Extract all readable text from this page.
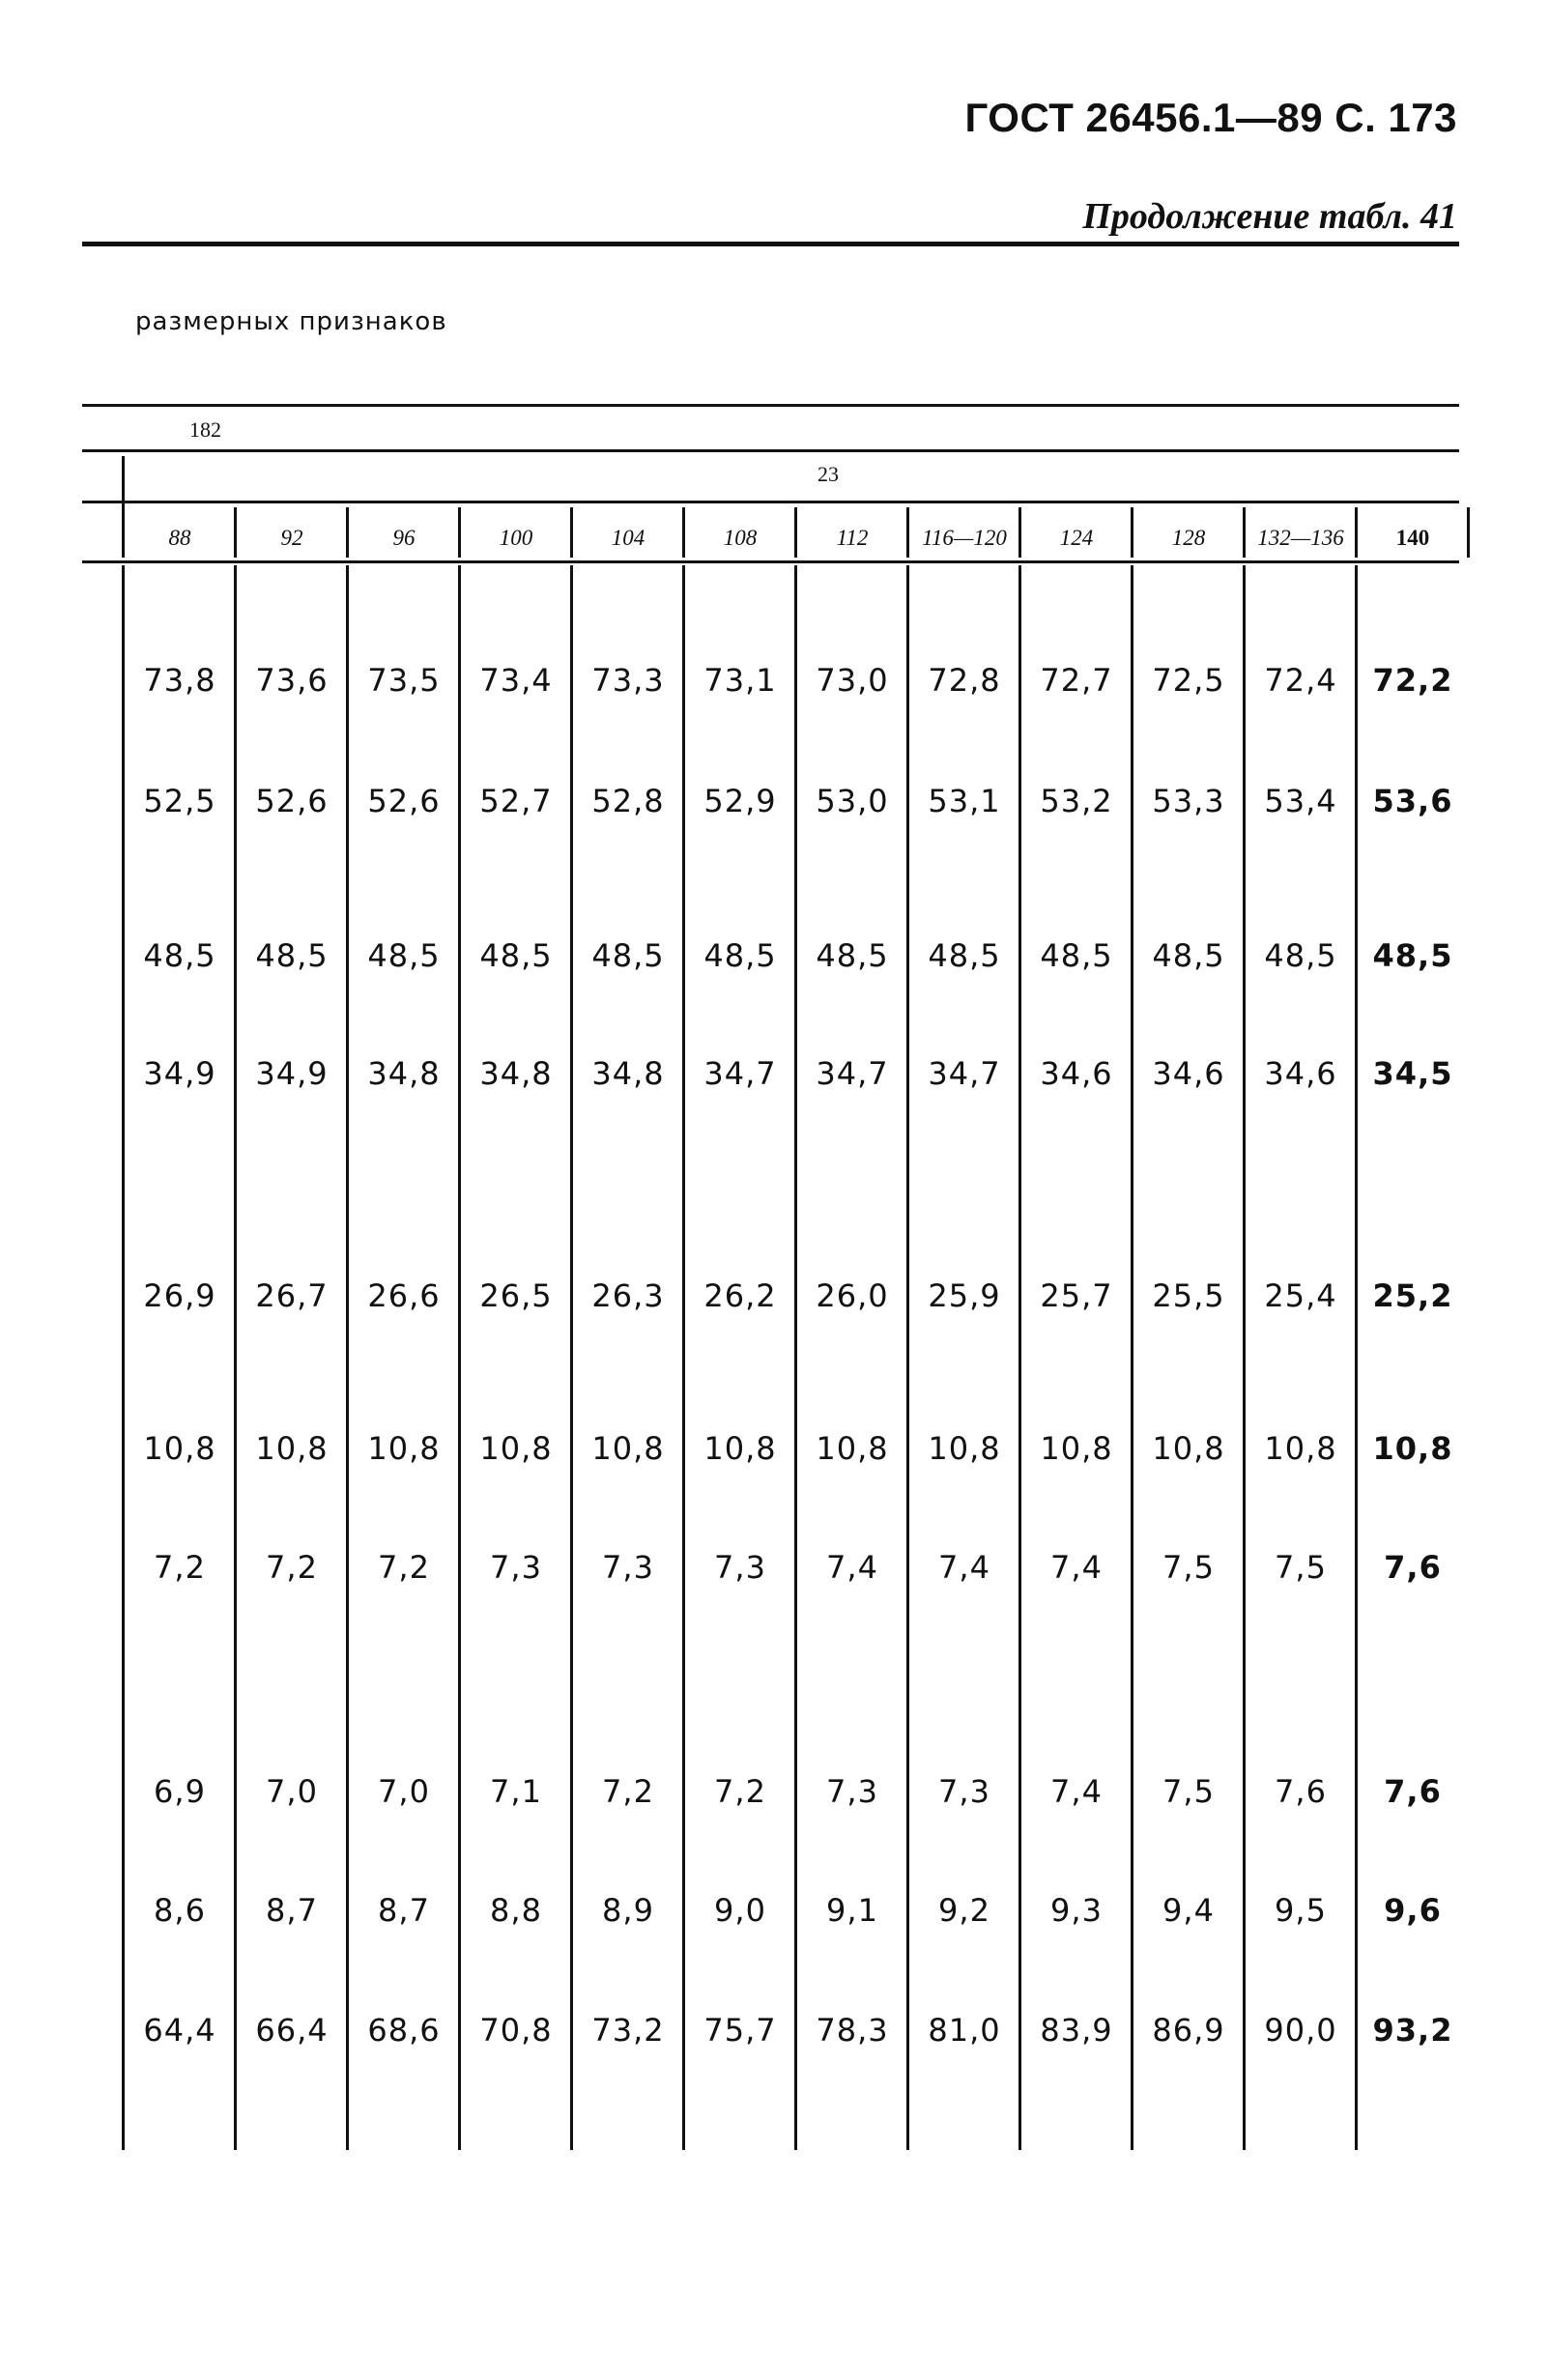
ГОСТ 26456.1—89 С. 173
Продолжение табл. 41
размерных признаков
182
23
88	92	96	100	104	108	112	116—120	124	128	132—136	140
73,8	73,6	73,5	73,4	73,3	73,1	73,0	72,8	72,7	72,5	72,4	72,2
52,5	52,6	52,6	52,7	52,8	52,9	53,0	53,1	53,2	53,3	53,4	53,6
48,5	48,5	48,5	48,5	48,5	48,5	48,5	48,5	48,5	48,5	48,5	48,5
34,9	34,9	34,8	34,8	34,8	34,7	34,7	34,7	34,6	34,6	34,6	34,5
26,9	26,7	26,6	26,5	26,3	26,2	26,0	25,9	25,7	25,5	25,4	25,2
10,8	10,8	10,8	10,8	10,8	10,8	10,8	10,8	10,8	10,8	10,8	10,8
7,2	7,2	7,2	7,3	7,3	7,3	7,4	7,4	7,4	7,5	7,5	7,6
6,9	7,0	7,0	7,1	7,2	7,2	7,3	7,3	7,4	7,5	7,6	7,6
8,6	8,7	8,7	8,8	8,9	9,0	9,1	9,2	9,3	9,4	9,5	9,6
64,4	66,4	68,6	70,8	73,2	75,7	78,3	81,0	83,9	86,9	90,0	93,2
